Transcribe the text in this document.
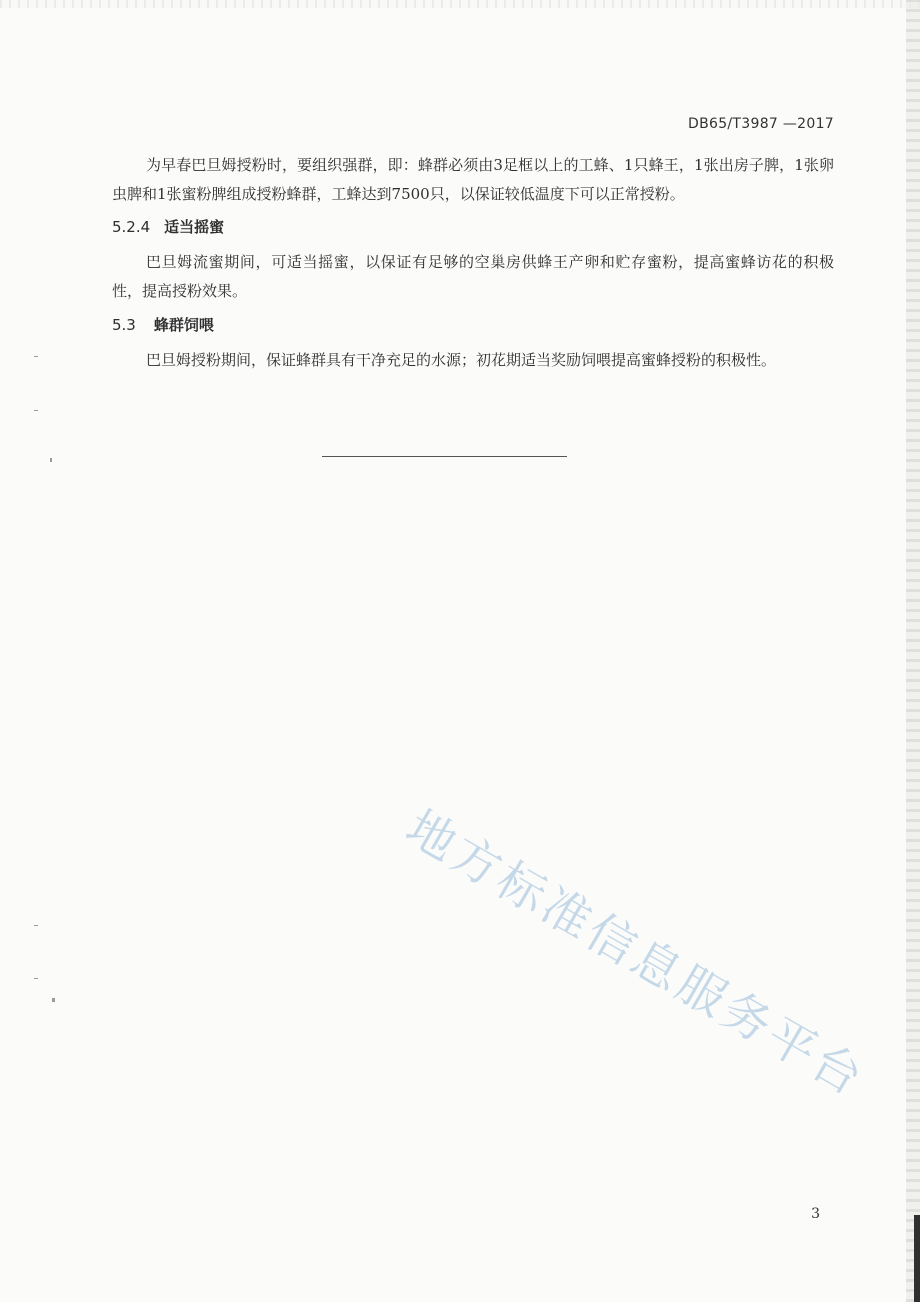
DB65/T3987 —2017

为早春巴旦姆授粉时，要组织强群，即：蜂群必须由3足框以上的工蜂、1只蜂王，1张出房子脾，1张卵虫脾和1张蜜粉脾组成授粉蜂群，工蜂达到7500只，以保证较低温度下可以正常授粉。

5.2.4 适当摇蜜

巴旦姆流蜜期间，可适当摇蜜，以保证有足够的空巢房供蜂王产卵和贮存蜜粉，提高蜜蜂访花的积极性，提高授粉效果。

5.3 蜂群饲喂

巴旦姆授粉期间，保证蜂群具有干净充足的水源；初花期适当奖励饲喂提高蜜蜂授粉的积极性。

地方标准信息服务平台
3
